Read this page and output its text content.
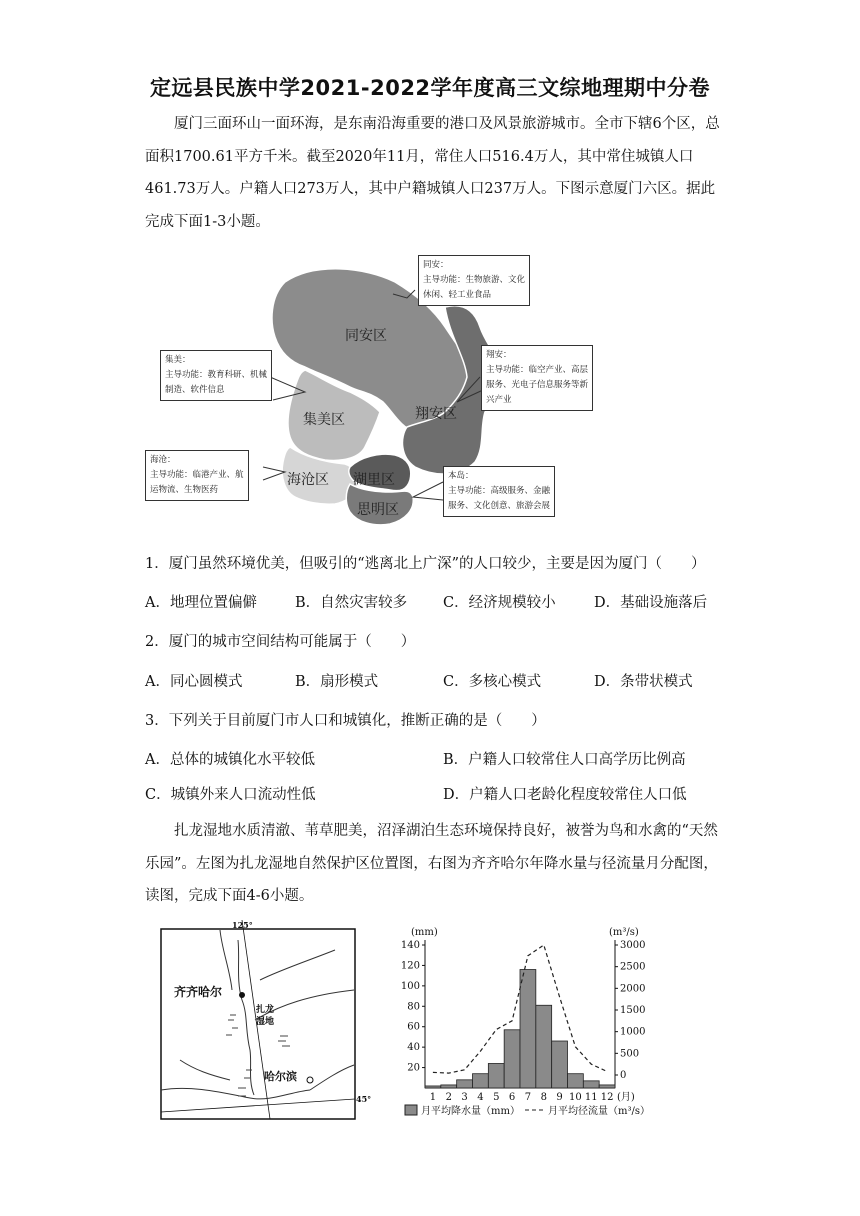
定远县民族中学2021-2022学年度高三文综地理期中分卷

厦门三面环山一面环海，是东南沿海重要的港口及风景旅游城市。全市下辖6个区，总面积1700.61平方千米。截至2020年11月，常住人口516.4万人，其中常住城镇人口461.73万人。户籍人口273万人，其中户籍城镇人口237万人。下图示意厦门六区。据此完成下面1-3小题。

同安区
集美区	翔安区
海沧区 湖里区
思明区
同安：
主导功能：生物旅游、文化
休闲、轻工业食品
集美：
主导功能：教育科研、机械
制造、软件信息
翔安：
主导功能：临空产业、高层
服务、光电子信息服务等新
兴产业
海沧：
主导功能：临港产业、航
运物流、生物医药
本岛：
主导功能：高级服务、金融
服务、文化创意、旅游会展
1．厦门虽然环境优美，但吸引的“逃离北上广深”的人口较少，主要是因为厦门（　　）
A．地理位置偏僻	B．自然灾害较多 C．经济规模较小	D．基础设施落后
2．厦门的城市空间结构可能属于（　　）
A．同心圆模式	B．扇形模式	C．多核心模式	D．条带状模式
3．下列关于目前厦门市人口和城镇化，推断正确的是（　　）
A．总体的城镇化水平较低	B．户籍人口较常住人口高学历比例高
C．城镇外来人口流动性低	D．户籍人口老龄化程度较常住人口低

扎龙湿地水质清澈、苇草肥美，沼泽湖泊生态环境保持良好，被誉为鸟和水禽的“天然乐园”。左图为扎龙湿地自然保护区位置图，右图为齐齐哈尔年降水量与径流量月分配图，读图，完成下面4-6小题。

125°
45°
齐齐哈尔
扎龙
湿地
哈尔滨
20
40
60
80
100
120
140
0
500
1000
1500
2000
2500
3000
(mm)	(m³/s)
1 2 3 4 5 6 7 8 9 10 11 12 (月)
月平均降水量（mm）	月平均径流量（m³/s）
